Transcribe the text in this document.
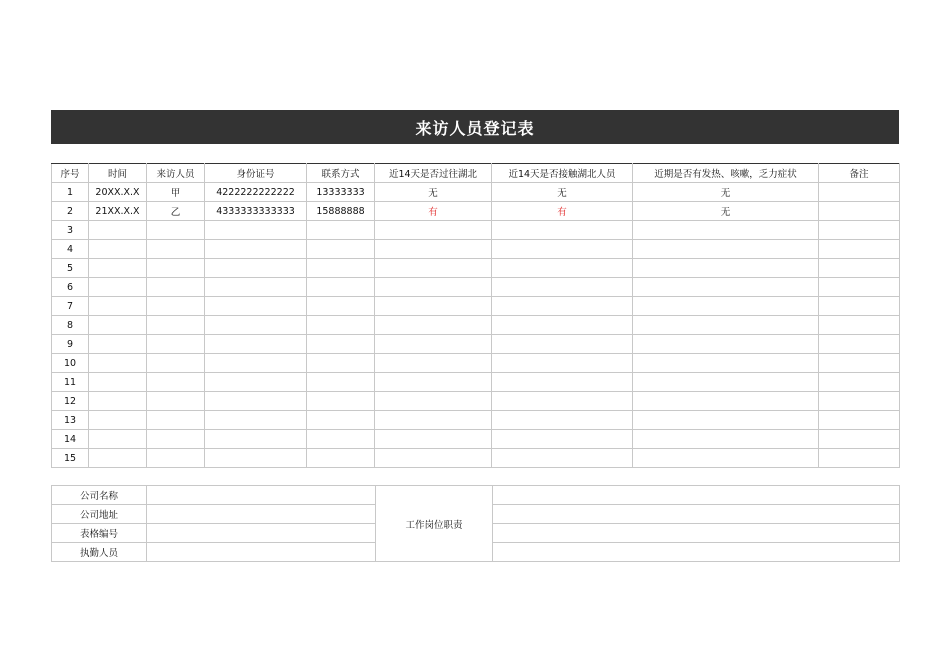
来访人员登记表
序号	时间	来访人员	身份证号	联系方式	近14天是否过往湖北	近14天是否接触湖北人员	近期是否有发热、咳嗽，乏力症状	备注
1	20XX.X.X	甲	4222222222222	13333333	无	无	无	
2	21XX.X.X	乙	4333333333333	15888888	有	有	无	
3								
4								
5								
6								
7								
8								
9								
10								
11								
12								
13								
14								
15								
公司名称		工作岗位职责	
公司地址			
表格编号			
执勤人员			
